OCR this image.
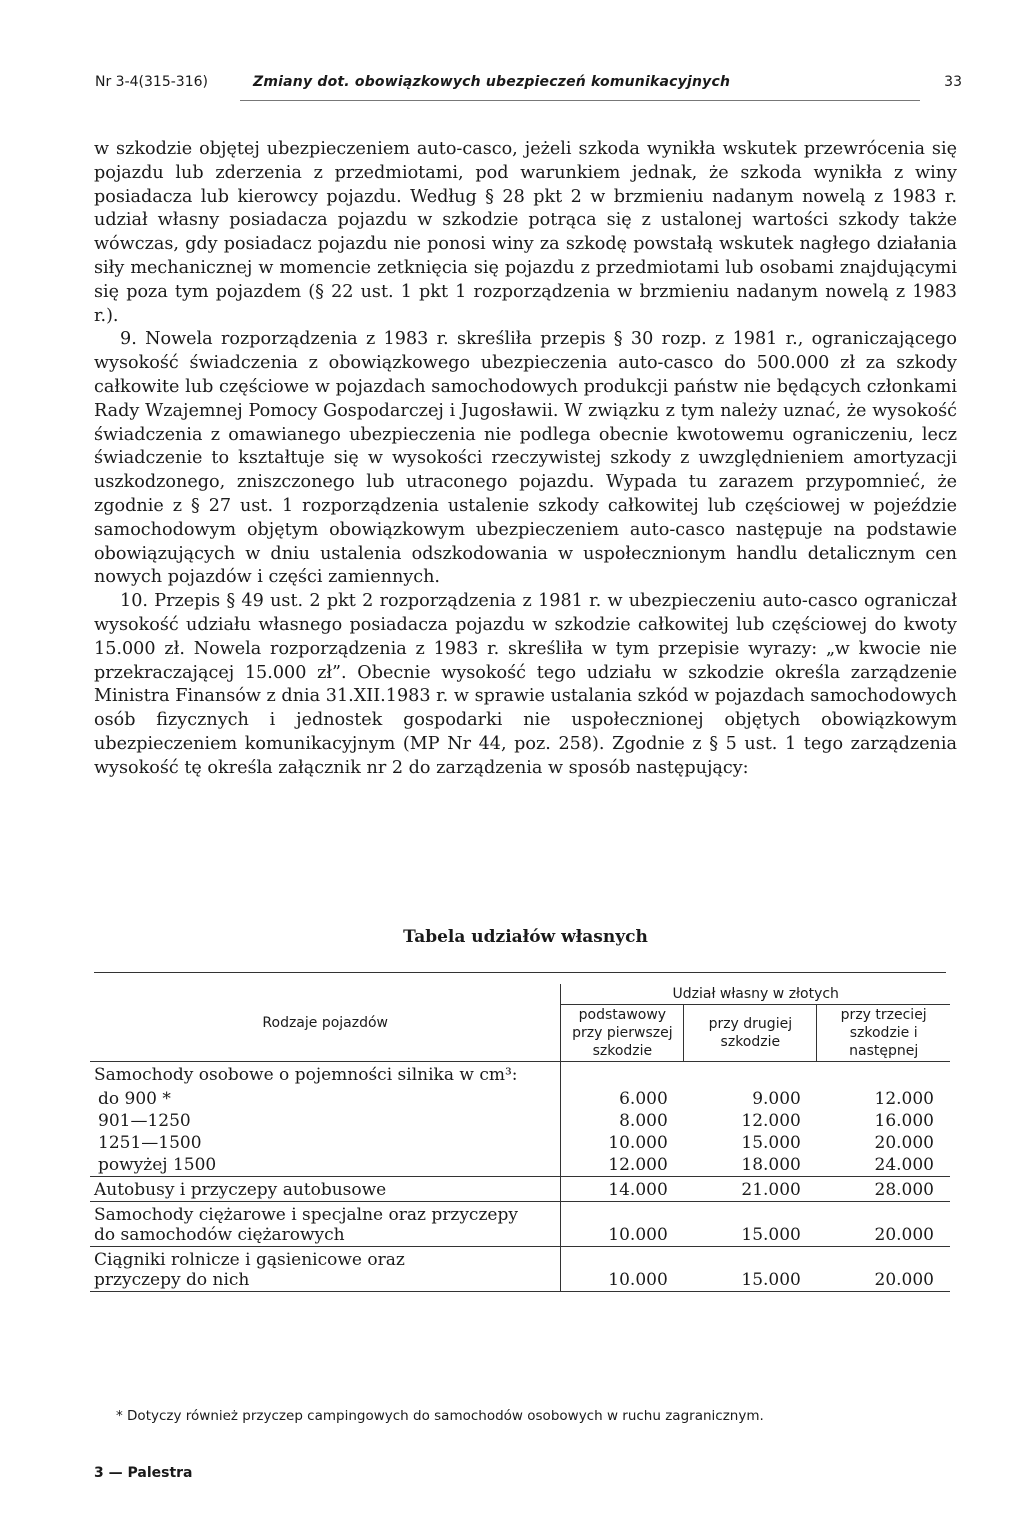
Nr 3-4(315-316)	Zmiany dot. obowiązkowych ubezpieczeń komunikacyjnych	33

w szkodzie objętej ubezpieczeniem auto-casco, jeżeli szkoda wynikła wskutek przewrócenia się pojazdu lub zderzenia z przedmiotami, pod warunkiem jednak, że szkoda wynikła z winy posiadacza lub kierowcy pojazdu. Według § 28 pkt 2 w brzmieniu nadanym nowelą z 1983 r. udział własny posiadacza pojazdu w szkodzie potrąca się z ustalonej wartości szkody także wówczas, gdy posiadacz pojazdu nie ponosi winy za szkodę powstałą wskutek nagłego działania siły mechanicznej w momencie zetknięcia się pojazdu z przedmiotami lub osobami znajdującymi się poza tym pojazdem (§ 22 ust. 1 pkt 1 rozporządzenia w brzmieniu nadanym nowelą z 1983 r.).

9. Nowela rozporządzenia z 1983 r. skreśliła przepis § 30 rozp. z 1981 r., ograniczającego wysokość świadczenia z obowiązkowego ubezpieczenia auto-casco do 500.000 zł za szkody całkowite lub częściowe w pojazdach samochodowych produkcji państw nie będących członkami Rady Wzajemnej Pomocy Gospodarczej i Jugosławii. W związku z tym należy uznać, że wysokość świadczenia z omawianego ubezpieczenia nie podlega obecnie kwotowemu ograniczeniu, lecz świadczenie to kształtuje się w wysokości rzeczywistej szkody z uwzględnieniem amortyzacji uszkodzonego, zniszczonego lub utraconego pojazdu. Wypada tu zarazem przypomnieć, że zgodnie z § 27 ust. 1 rozporządzenia ustalenie szkody całkowitej lub częściowej w pojeździe samochodowym objętym obowiązkowym ubezpieczeniem auto-casco następuje na podstawie obowiązujących w dniu ustalenia odszkodowania w uspołecznionym handlu detalicznym cen nowych pojazdów i części zamiennych.

10. Przepis § 49 ust. 2 pkt 2 rozporządzenia z 1981 r. w ubezpieczeniu auto-casco ograniczał wysokość udziału własnego posiadacza pojazdu w szkodzie całkowitej lub częściowej do kwoty 15.000 zł. Nowela rozporządzenia z 1983 r. skreśliła w tym przepisie wyrazy: „w kwocie nie przekraczającej 15.000 zł”. Obecnie wysokość tego udziału w szkodzie określa zarządzenie Ministra Finansów z dnia 31.XII.1983 r. w sprawie ustalania szkód w pojazdach samochodowych osób fizycznych i jednostek gospodarki nie uspołecznionej objętych obowiązkowym ubezpieczeniem komunikacyjnym (MP Nr 44, poz. 258). Zgodnie z § 5 ust. 1 tego zarządzenia wysokość tę określa załącznik nr 2 do zarządzenia w sposób następujący:

Tabela udziałów własnych
Rodzaje pojazdów	Udział własny w złotych		
	podstawowy przy pierwszej szkodzie	przy drugiej szkodzie	przy trzeciej szkodzie i następnej
Samochody osobowe o pojemności silnika w cm³:			
do 900 *	6.000	9.000	12.000
901—1250	8.000	12.000	16.000
1251—1500	10.000	15.000	20.000
powyżej 1500	12.000	18.000	24.000
Autobusy i przyczepy autobusowe	14.000	21.000	28.000
Samochody ciężarowe i specjalne oraz przyczepy do samochodów ciężarowych	10.000	15.000	20.000
Ciągniki rolnicze i gąsienicowe oraz przyczepy do nich	10.000	15.000	20.000
* Dotyczy również przyczep campingowych do samochodów osobowych w ruchu zagranicznym.
3 — Palestra
